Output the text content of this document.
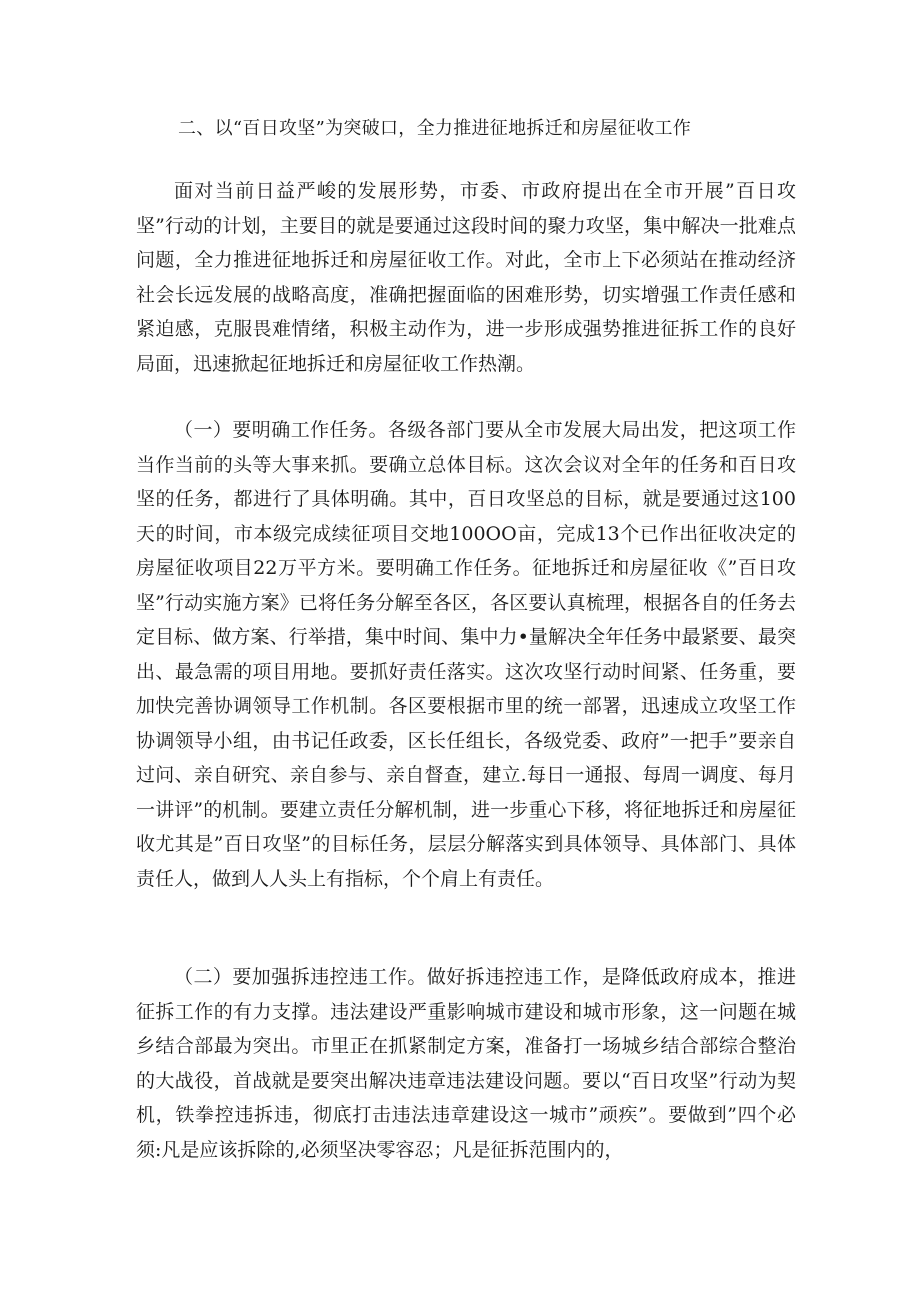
二、以“百日攻坚”为突破口，全力推进征地拆迁和房屋征收工作

面对当前日益严峻的发展形势，市委、市政府提出在全市开展”百日攻坚”行动的计划，主要目的就是要通过这段时间的聚力攻坚，集中解决一批难点问题，全力推进征地拆迁和房屋征收工作。对此，全市上下必须站在推动经济社会长远发展的战略高度，准确把握面临的困难形势，切实增强工作责任感和紧迫感，克服畏难情绪，积极主动作为，进一步形成强势推进征拆工作的良好局面，迅速掀起征地拆迁和房屋征收工作热潮。

（一）要明确工作任务。各级各部门要从全市发展大局出发，把这项工作当作当前的头等大事来抓。要确立总体目标。这次会议对全年的任务和百日攻坚的任务，都进行了具体明确。其中，百日攻坚总的目标，就是要通过这100天的时间，市本级完成续征项目交地100OO亩，完成13个已作出征收决定的房屋征收项目22万平方米。要明确工作任务。征地拆迁和房屋征收《”百日攻坚”行动实施方案》已将任务分解至各区，各区要认真梳理，根据各自的任务去定目标、做方案、行举措，集中时间、集中力•量解决全年任务中最紧要、最突出、最急需的项目用地。要抓好责任落实。这次攻坚行动时间紧、任务重，要加快完善协调领导工作机制。各区要根据市里的统一部署，迅速成立攻坚工作协调领导小组，由书记任政委，区长任组长，各级党委、政府”一把手”要亲自过问、亲自研究、亲自参与、亲自督查，建立.每日一通报、每周一调度、每月一讲评”的机制。要建立责任分解机制，进一步重心下移，将征地拆迁和房屋征收尤其是”百日攻坚”的目标任务，层层分解落实到具体领导、具体部门、具体责任人，做到人人头上有指标，个个肩上有责任。

（二）要加强拆违控违工作。做好拆违控违工作，是降低政府成本，推进征拆工作的有力支撑。违法建设严重影响城市建设和城市形象，这一问题在城乡结合部最为突出。市里正在抓紧制定方案，准备打一场城乡结合部综合整治的大战役，首战就是要突出解决违章违法建设问题。要以“百日攻坚”行动为契机，铁拳控违拆违，彻底打击违法违章建设这一城市”顽疾”。要做到”四个必须:凡是应该拆除的,必须坚决零容忍；凡是征拆范围内的，
